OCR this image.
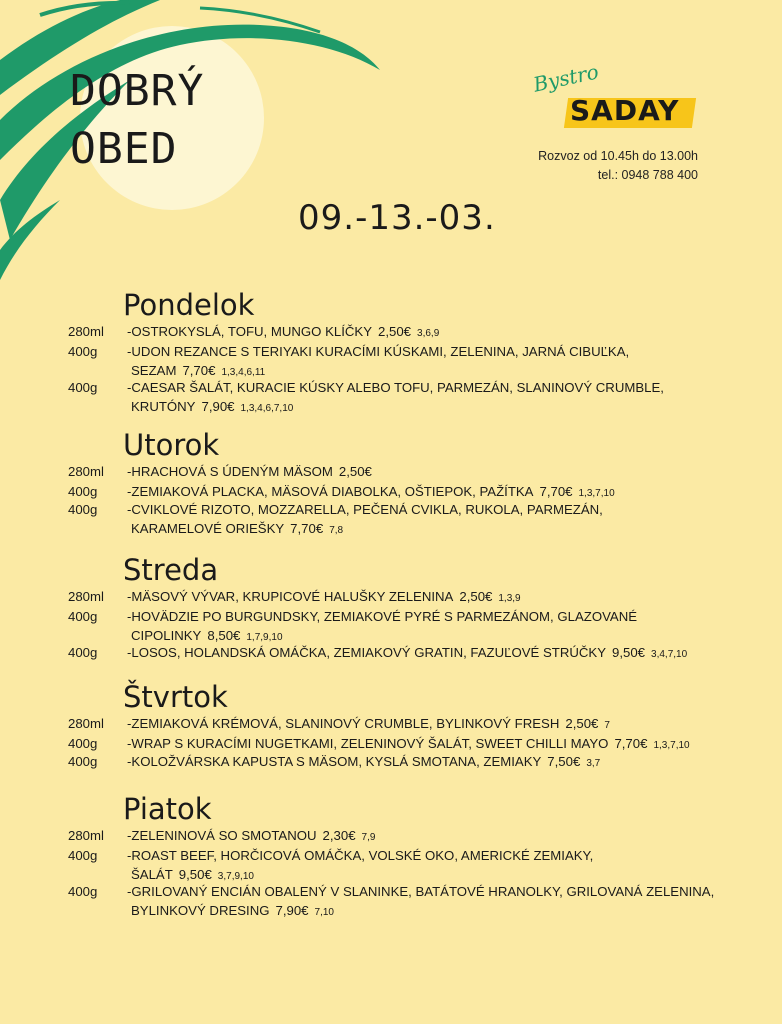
DOBRÝ
OBED
Bystro
SADAY
Rozvoz od 10.45h do 13.00h
tel.: 0948 788 400
09.-13.-03.
Pondelok
280ml -OSTROKYSLÁ, TOFU, MUNGO KLÍČKY 2,50€ 3,6,9
400g -UDON REZANCE S TERIYAKI KURACÍMI KÚSKAMI, ZELENINA, JARNÁ CIBUĽKA,
SEZAM 7,70€ 1,3,4,6,11
400g -CAESAR ŠALÁT, KURACIE KÚSKY ALEBO TOFU, PARMEZÁN, SLANINOVÝ CRUMBLE,
KRUTÓNY 7,90€ 1,3,4,6,7,10
Utorok
280ml -HRACHOVÁ S ÚDENÝM MÄSOM 2,50€
400g -ZEMIAKOVÁ PLACKA, MÄSOVÁ DIABOLKA, OŠTIEPOK, PAŽÍTKA 7,70€ 1,3,7,10
400g -CVIKLOVÉ RIZOTO, MOZZARELLA, PEČENÁ CVIKLA, RUKOLA, PARMEZÁN,
KARAMELOVÉ ORIEŠKY 7,70€ 7,8
Streda
280ml -MÄSOVÝ VÝVAR, KRUPICOVÉ HALUŠKY ZELENINA 2,50€ 1,3,9
400g -HOVÄDZIE PO BURGUNDSKY, ZEMIAKOVÉ PYRÉ S PARMEZÁNOM, GLAZOVANÉ
CIPOLINKY 8,50€ 1,7,9,10
400g -LOSOS, HOLANDSKÁ OMÁČKA, ZEMIAKOVÝ GRATIN, FAZUĽOVÉ STRÚČKY 9,50€ 3,4,7,10
Štvrtok
280ml -ZEMIAKOVÁ KRÉMOVÁ, SLANINOVÝ CRUMBLE, BYLINKOVÝ FRESH 2,50€ 7
400g -WRAP S KURACÍMI NUGETKAMI, ZELENINOVÝ ŠALÁT, SWEET CHILLI MAYO 7,70€ 1,3,7,10
400g -KOLOŽVÁRSKA KAPUSTA S MÄSOM, KYSLÁ SMOTANA, ZEMIAKY 7,50€ 3,7
Piatok
280ml -ZELENINOVÁ SO SMOTANOU 2,30€ 7,9
400g -ROAST BEEF, HORČICOVÁ OMÁČKA, VOLSKÉ OKO, AMERICKÉ ZEMIAKY,
ŠALÁT 9,50€ 3,7,9,10
400g -GRILOVANÝ ENCIÁN OBALENÝ V SLANINKE, BATÁTOVÉ HRANOLKY, GRILOVANÁ ZELENINA,
BYLINKOVÝ DRESING 7,90€ 7,10
